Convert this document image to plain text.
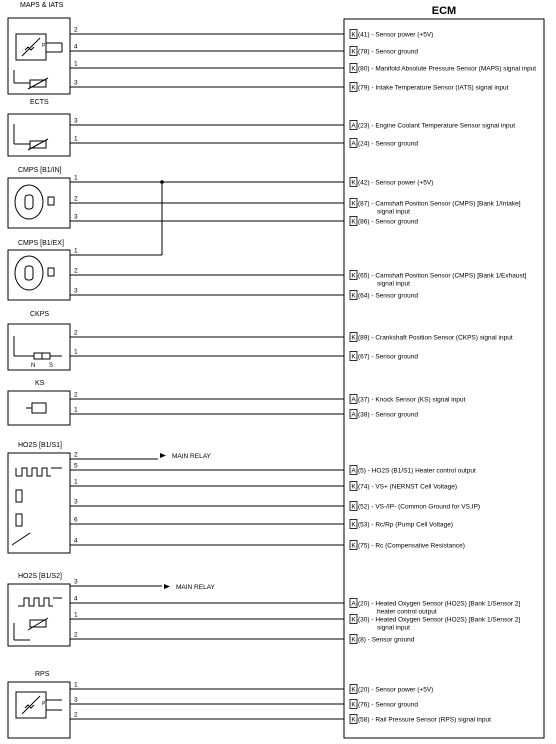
ECM
MAPS & IATS
ECTS
CMPS [B1/IN]
CMPS [B1/EX]
CKPS
KS
HO2S [B1/S1]
HO2S [B1/S2]
RPS
P
P
N S
MAIN RELAY
MAIN RELAY
2
K (41) - Sensor power (+5V)
4
K (78) - Sensor ground
1
K (80) - Manifold Absolute Pressure Sensor (MAPS) signal input
3
K (79) - Intake Temperature Sensor (IATS) signal input
3
A (23) - Engine Coolant Temperature Sensor signal input
1
A (24) - Sensor ground
1
K (42) - Sensor power (+5V)
2
K (87) - Camshaft Position Sensor (CMPS) [Bank 1/Intake]
signal input
3
K (86) - Sensor ground
1
2
K (65) - Camshaft Position Sensor (CMPS) [Bank 1/Exhaust]
signal input
3
K (64) - Sensor ground
2
K (89) - Crankshaft Position Sensor (CKPS) signal input
1
K (67) - Sensor ground
2
A (37) - Knock Sensor (KS) signal input
1
A (38) - Sensor ground
2
5
A (5) - HO2S (B1/S1) Heater control output
1
K (74) - VS+ (NERNST Cell Voltage)
3
K (52) - VS-/IP- (Common Ground for VS,IP)
6
K (53) - Rc/Rp (Pump Cell Voltage)
4
K (75) - Rc (Compensative Resistance)
3
4
A (20) - Heated Oxygen Sensor (HO2S) [Bank 1/Sensor 2]
heater control output
1
K (30) - Heated Oxygen Sensor (HO2S) [Bank 1/Sensor 2]
signal input
2
K (8) - Sensor ground
1
K (20) - Sensor power (+5V)
3
K (76) - Sensor ground
2
K (58) - Rail Pressure Sensor (RPS) signal input
